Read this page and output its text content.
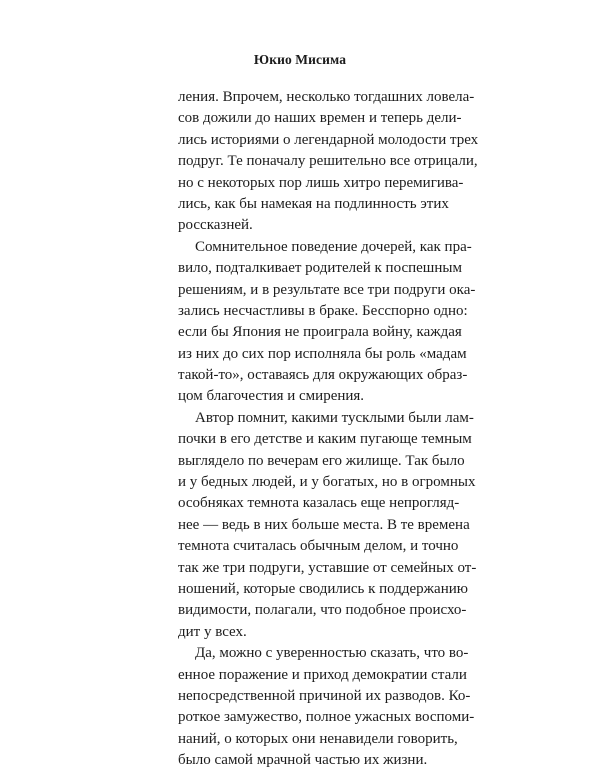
Юкио Мисима
ления. Впрочем, несколько тогдашних ловела-
сов дожили до наших времен и теперь дели-
лись историями о легендарной молодости трех
подруг. Те поначалу решительно все отрицали,
но с некоторых пор лишь хитро перемигива-
лись, как бы намекая на подлинность этих
россказней.
Сомнительное поведение дочерей, как пра-
вило, подталкивает родителей к поспешным
решениям, и в результате все три подруги ока-
зались несчастливы в браке. Бесспорно одно:
если бы Япония не проиграла войну, каждая
из них до сих пор исполняла бы роль «мадам
такой-то», оставаясь для окружающих образ-
цом благочестия и смирения.
Автор помнит, какими тусклыми были лам-
почки в его детстве и каким пугающе темным
выглядело по вечерам его жилище. Так было
и у бедных людей, и у богатых, но в огромных
особняках темнота казалась еще непрогляд-
нее — ведь в них больше места. В те времена
темнота считалась обычным делом, и точно
так же три подруги, уставшие от семейных от-
ношений, которые сводились к поддержанию
видимости, полагали, что подобное происхо-
дит у всех.
Да, можно с уверенностью сказать, что во-
енное поражение и приход демократии стали
непосредственной причиной их разводов. Ко-
роткое замужество, полное ужасных воспоми-
наний, о которых они ненавидели говорить,
было самой мрачной частью их жизни.
